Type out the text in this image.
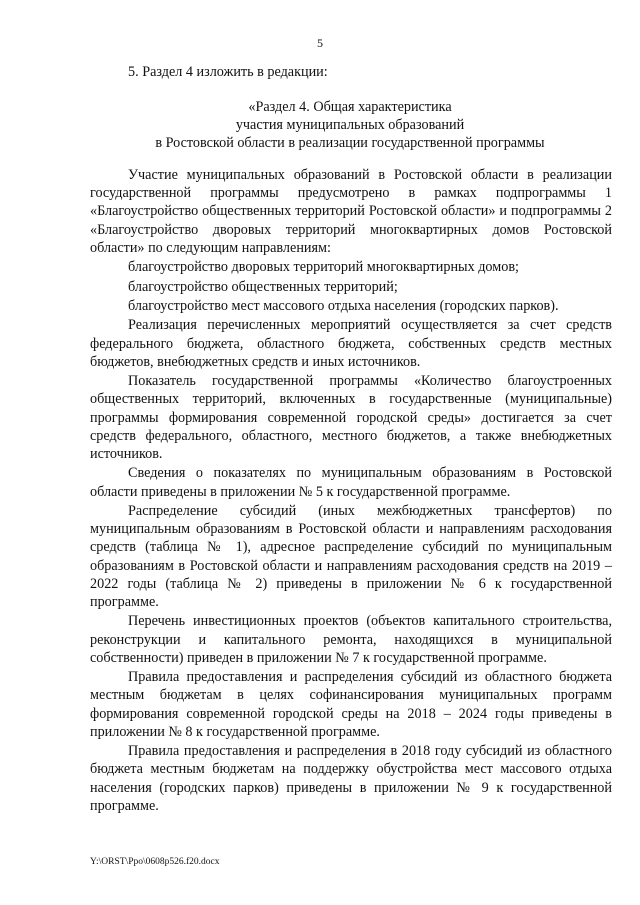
5
5. Раздел 4 изложить в редакции:
«Раздел 4. Общая характеристика
участия муниципальных образований
в Ростовской области в реализации государственной программы

Участие муниципальных образований в Ростовской области в реализации государственной программы предусмотрено в рамках подпрограммы 1 «Благоустройство общественных территорий Ростовской области» и подпрограммы 2 «Благоустройство дворовых территорий многоквартирных домов Ростовской области» по следующим направлениям:

благоустройство дворовых территорий многоквартирных домов;

благоустройство общественных территорий;

благоустройство мест массового отдыха населения (городских парков).

Реализация перечисленных мероприятий осуществляется за счет средств федерального бюджета, областного бюджета, собственных средств местных бюджетов, внебюджетных средств и иных источников.

Показатель государственной программы «Количество благоустроенных общественных территорий, включенных в государственные (муниципальные) программы формирования современной городской среды» достигается за счет средств федерального, областного, местного бюджетов, а также внебюджетных источников.

Сведения о показателях по муниципальным образованиям в Ростовской области приведены в приложении № 5 к государственной программе.

Распределение субсидий (иных межбюджетных трансфертов) по муниципальным образованиям в Ростовской области и направлениям расходования средств (таблица № 1), адресное распределение субсидий по муниципальным образованиям в Ростовской области и направлениям расходования средств на 2019 – 2022 годы (таблица № 2) приведены в приложении № 6 к государственной программе.

Перечень инвестиционных проектов (объектов капитального строительства, реконструкции и капитального ремонта, находящихся в муниципальной собственности) приведен в приложении № 7 к государственной программе.

Правила предоставления и распределения субсидий из областного бюджета местным бюджетам в целях софинансирования муниципальных программ формирования современной городской среды на 2018 – 2024 годы приведены в приложении № 8 к государственной программе.

Правила предоставления и распределения в 2018 году субсидий из областного бюджета местным бюджетам на поддержку обустройства мест массового отдыха населения (городских парков) приведены в приложении № 9 к государственной программе.

Y:\ORST\Ppo\0608p526.f20.docx
